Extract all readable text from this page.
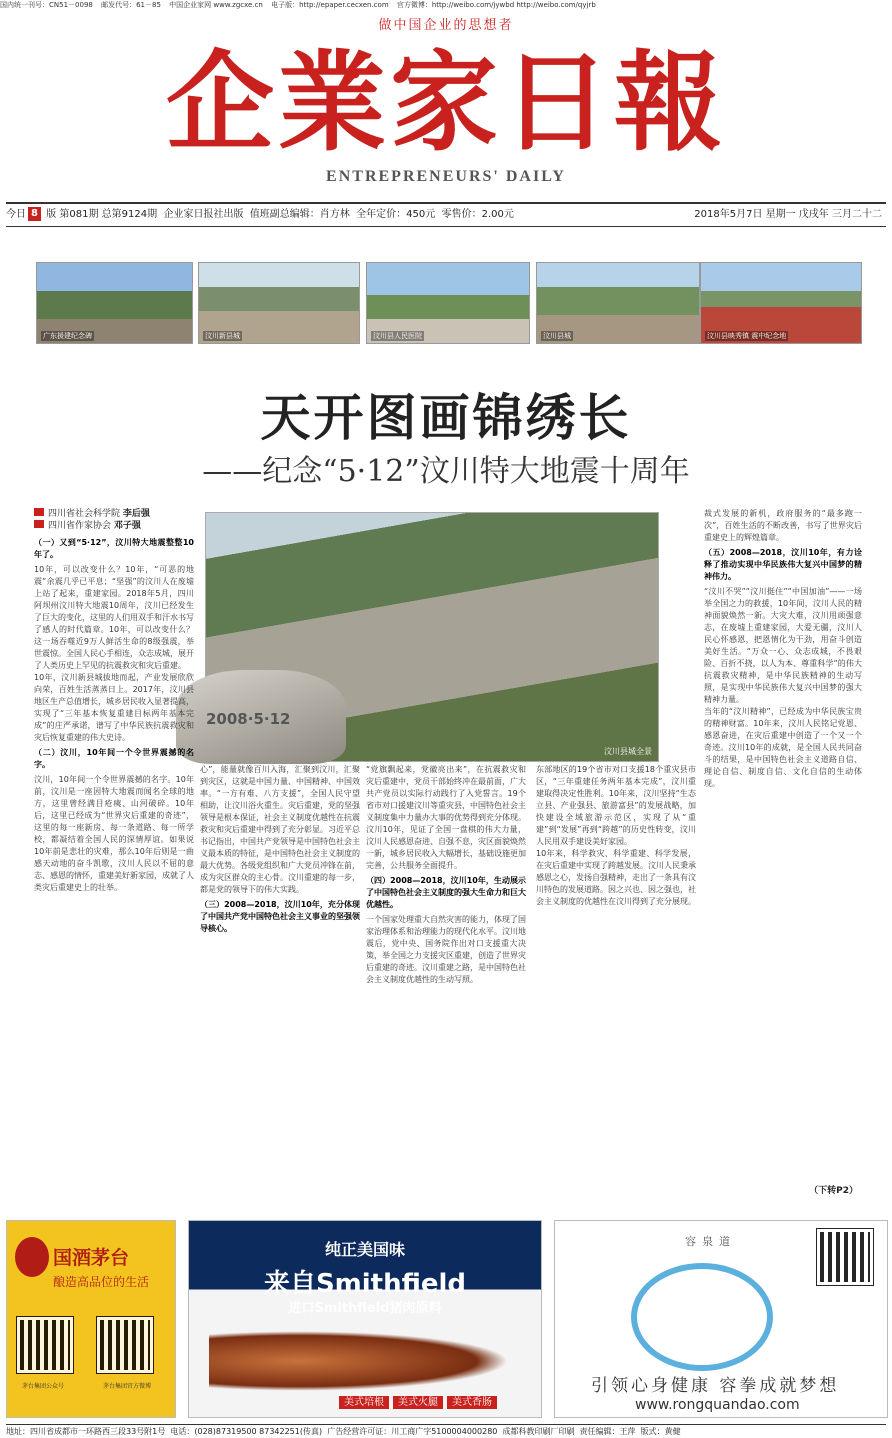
国内统一刊号：CN51－0098 邮发代号：61－85 中国企业家网 www.zgcxe.cn 电子版：http://epaper.cecxen.com 官方微博：http://weibo.com/jywbd http://weibo.com/qyjrb
做中国企业的思想者
企業家日報
ENTREPRENEURS' DAILY
今日 8 版 第081期 总第9124期 企业家日报社出版 值班副总编辑：肖方林 全年定价：450元 零售价：2.00元	2018年5月7日 星期一 戊戌年 三月二十二
广东援建纪念碑	汶川新县城	汶川县人民医院	汶川县城	汶川县映秀镇 震中纪念地
天开图画锦绣长
——纪念“5·12”汶川特大地震十周年
汶川县城全景
2008·5·12
四川省社会科学院 李后强
四川省作家协会 邓子强
（一）又到“5·12”，汶川特大地震整整10年了。
10年，可以改变什么？10年，“可恶的地震”余震几乎已平息；“坚强”的汶川人在废墟上站了起来，重建家园。2018年5月，四川阿坝州汶川特大地震10周年，汶川已经发生了巨大的变化，这里的人们用双手和汗水书写了感人的时代篇章。10年，可以改变什么？这一场吞噬近9万人鲜活生命的8级强震，举世震惊。全国人民心手相连，众志成城，展开了人类历史上罕见的抗震救灾和灾后重建。
10年，汶川新县城拔地而起，产业发展欣欣向荣，百姓生活蒸蒸日上。2017年，汶川县地区生产总值增长，城乡居民收入显著提高，实现了“三年基本恢复重建目标两年基本完成”的庄严承诺，谱写了中华民族抗震救灾和灾后恢复重建的伟大史诗。
（二）汶川，10年间一个令世界震撼的名字。
汶川，10年间一个令世界震撼的名字。10年前，汶川是一座因特大地震而闻名全球的地方，这里曾经满目疮痍、山河破碎。10年后，这里已经成为“世界灾后重建的奇迹”，这里的每一座新房、每一条道路、每一所学校，都凝结着全国人民的深情厚谊。如果说10年前是悲壮的灾难，那么10年后则是一曲感天动地的奋斗凯歌，汶川人民以不屈的意志、感恩的情怀，重建美好新家园，成就了人类灾后重建史上的壮举。
心”，能量就像百川入海，汇聚到汶川，汇聚到灾区，这就是中国力量、中国精神、中国效率。“一方有难、八方支援”，全国人民守望相助，让汶川浴火重生。灾后重建，党的坚强领导是根本保证，社会主义制度优越性在抗震救灾和灾后重建中得到了充分彰显。习近平总书记指出，中国共产党领导是中国特色社会主义最本质的特征，是中国特色社会主义制度的最大优势。各级党组织和广大党员冲锋在前，成为灾区群众的主心骨。汶川重建的每一步，都是党的领导下的伟大实践。
（三）2008—2018，汶川10年，充分体现了中国共产党中国特色社会主义事业的坚强领导核心。
“党旗飘起来，党徽亮出来”，在抗震救灾和灾后重建中，党员干部始终冲在最前面，广大共产党员以实际行动践行了入党誓言。19个省市对口援建汶川等重灾县，中国特色社会主义制度集中力量办大事的优势得到充分体现。汶川10年，见证了全国一盘棋的伟大力量，汶川人民感恩奋进、自强不息，灾区面貌焕然一新，城乡居民收入大幅增长，基础设施更加完善，公共服务全面提升。
（四）2008—2018，汶川10年，生动展示了中国特色社会主义制度的强大生命力和巨大优越性。
一个国家处理重大自然灾害的能力，体现了国家治理体系和治理能力的现代化水平。汶川地震后，党中央、国务院作出对口支援重大决策，举全国之力支援灾区重建，创造了世界灾后重建的奇迹。汶川重建之路，是中国特色社会主义制度优越性的生动写照。
东部地区的19个省市对口支援18个重灾县市区，“三年重建任务两年基本完成”，汶川重建取得决定性胜利。10年来，汶川坚持“生态立县、产业强县、旅游富县”的发展战略，加快建设全域旅游示范区，实现了从“重建”到“发展”再到“跨越”的历史性转变，汶川人民用双手建设美好家园。
10年来，科学救灾、科学重建、科学发展，在灾后重建中实现了跨越发展。汶川人民秉承感恩之心，发扬自强精神，走出了一条具有汶川特色的发展道路。因之兴也、因之强也，社会主义制度的优越性在汶川得到了充分展现。
裁式发展的新机，政府服务的“最多跑一次”，百姓生活的不断改善，书写了世界灾后重建史上的辉煌篇章。
（五）2008—2018，汶川10年，有力诠释了推动实现中华民族伟大复兴中国梦的精神伟力。
“汶川不哭”“汶川挺住”“中国加油”——一场举全国之力的救援，10年间，汶川人民的精神面貌焕然一新。大灾大难，汶川用顽强意志，在废墟上重建家园，大爱无疆，汶川人民心怀感恩，把恩情化为干劲，用奋斗创造美好生活。“万众一心、众志成城，不畏艰险、百折不挠，以人为本、尊重科学”的伟大抗震救灾精神，是中华民族精神的生动写照，是实现中华民族伟大复兴中国梦的强大精神力量。
当年的“汶川精神”，已经成为中华民族宝贵的精神财富。10年来，汶川人民铭记党恩、感恩奋进，在灾后重建中创造了一个又一个奇迹。汶川10年的成就，是全国人民共同奋斗的结果，是中国特色社会主义道路自信、理论自信、制度自信、文化自信的生动体现。
（下转P2）
国酒茅台
酿造高品位的生活
茅台集团公众号	茅台集团官方微博
纯正美国味
来自Smithfield
进口Smithfield猪肉原料
美式培根 美式火腿 美式香肠
容泉道
引领心身健康 容拳成就梦想
www.rongquandao.com
地址：四川省成都市一环路西三段33号附1号 电话：(028)87319500 87342251(传真) 广告经营许可证：川工商广字5100004000280 成都科教印刷厂印刷 责任编辑：王萍 版式：黄健
